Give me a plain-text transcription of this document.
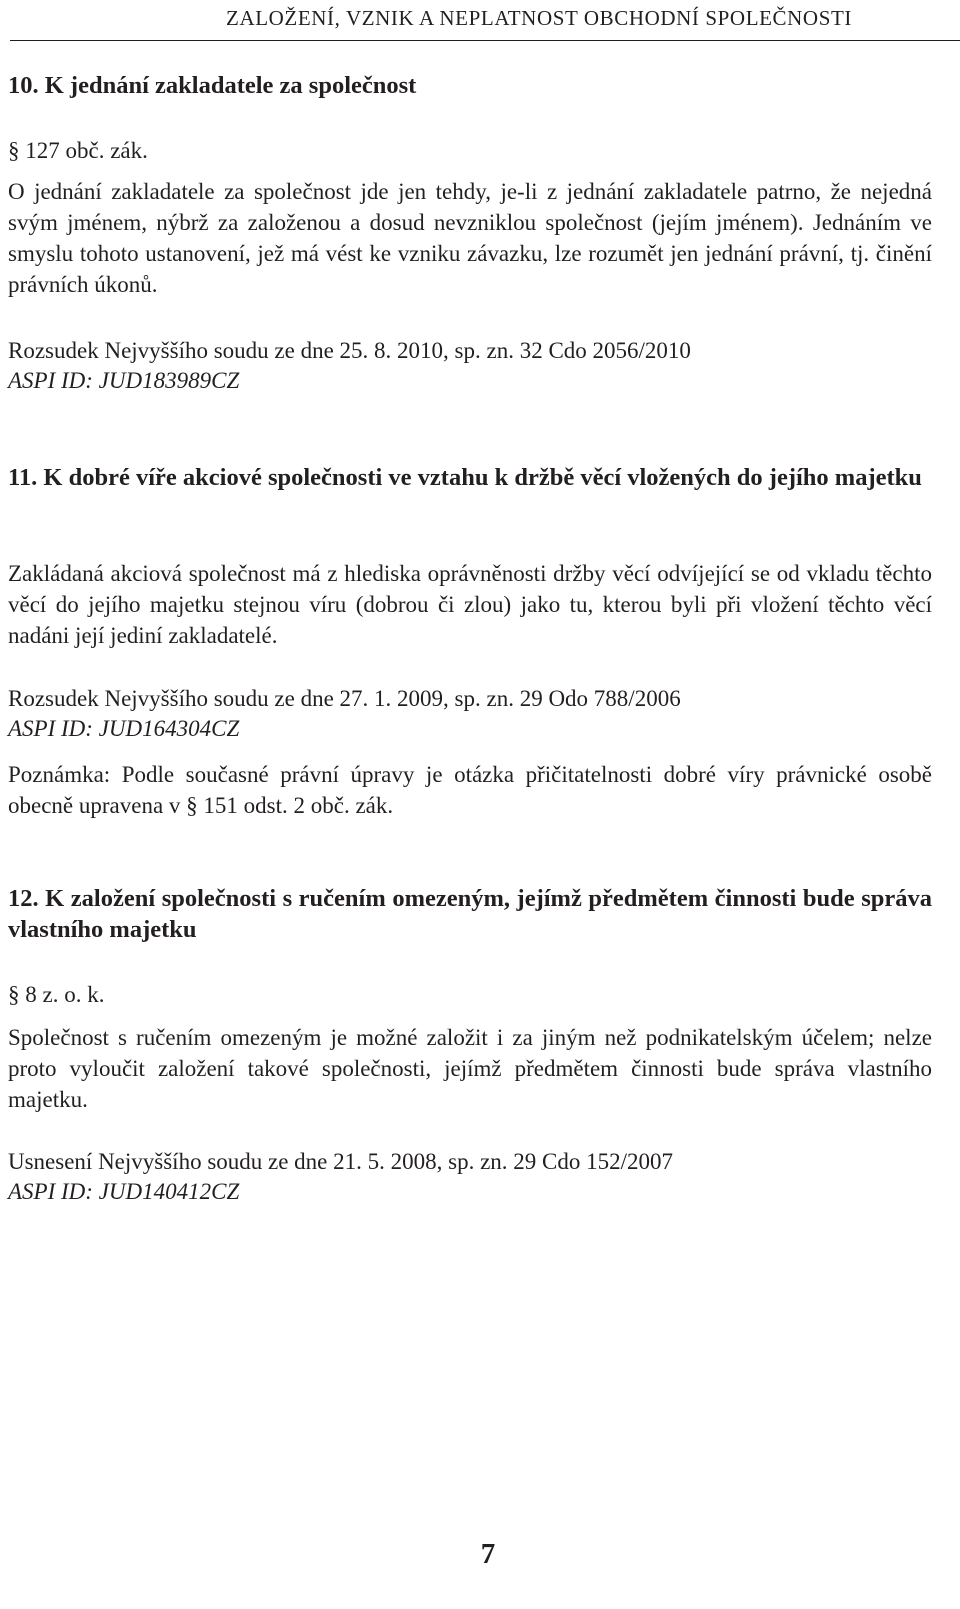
ZALOŽENÍ, VZNIK A NEPLATNOST OBCHODNÍ SPOLEČNOSTI
10. K jednání zakladatele za společnost

§ 127 obč. zák.

O jednání zakladatele za společnost jde jen tehdy, je-li z jednání zakladatele patrno, že nejedná svým jménem, nýbrž za založenou a dosud nevzniklou společnost (jejím jménem). Jednáním ve smyslu tohoto ustanovení, jež má vést ke vzniku závazku, lze rozumět jen jednání právní, tj. činění právních úkonů.

Rozsudek Nejvyššího soudu ze dne 25. 8. 2010, sp. zn. 32 Cdo 2056/2010

ASPI ID: JUD183989CZ

11. K dobré víře akciové společnosti ve vztahu k držbě věcí vložených do jejího majetku

Zakládaná akciová společnost má z hlediska oprávněnosti držby věcí odvíjející se od vkladu těchto věcí do jejího majetku stejnou víru (dobrou či zlou) jako tu, kterou byli při vložení těchto věcí nadáni její jediní zakladatelé.

Rozsudek Nejvyššího soudu ze dne 27. 1. 2009, sp. zn. 29 Odo 788/2006

ASPI ID: JUD164304CZ

Poznámka: Podle současné právní úpravy je otázka přičitatelnosti dobré víry právnické osobě obecně upravena v § 151 odst. 2 obč. zák.

12. K založení společnosti s ručením omezeným, jejímž předmětem činnosti bude správa vlastního majetku

§ 8 z. o. k.

Společnost s ručením omezeným je možné založit i za jiným než podnikatelským účelem; nelze proto vyloučit založení takové společnosti, jejímž předmětem činnosti bude správa vlastního majetku.

Usnesení Nejvyššího soudu ze dne 21. 5. 2008, sp. zn. 29 Cdo 152/2007

ASPI ID: JUD140412CZ

7
